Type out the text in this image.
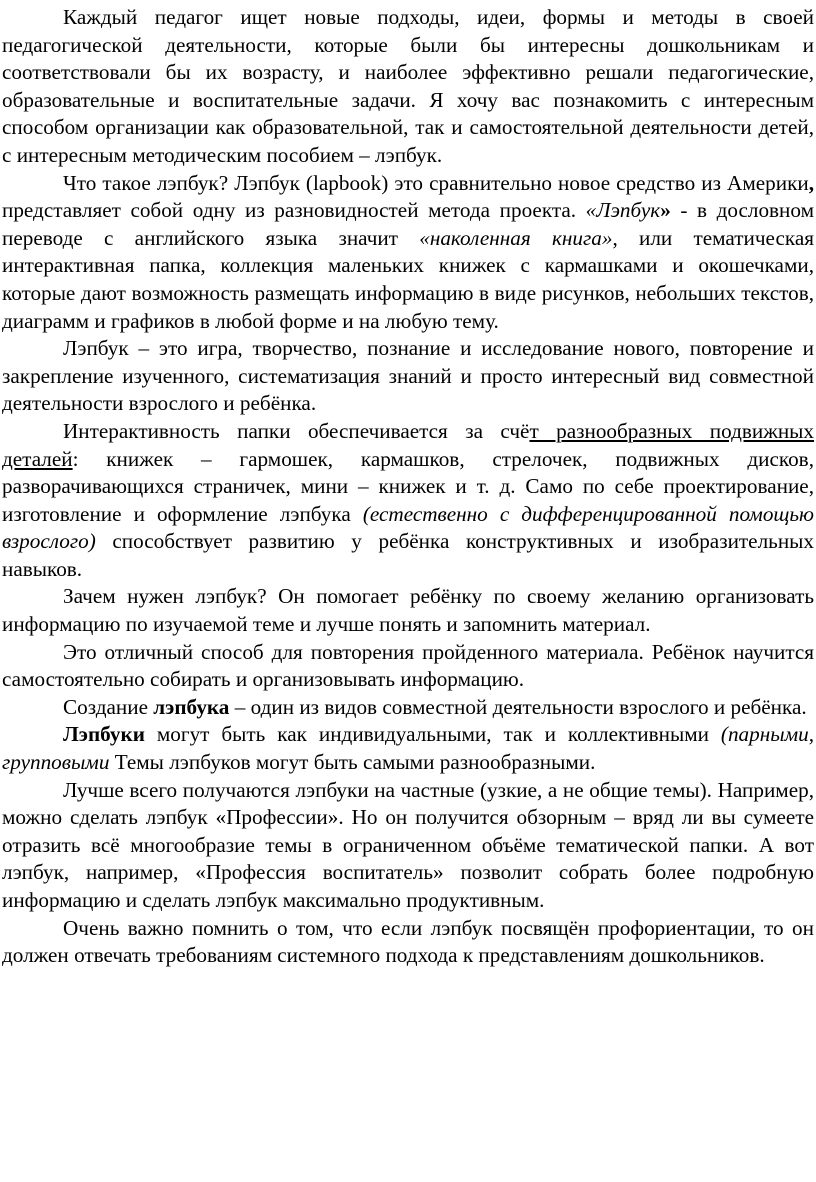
Каждый педагог ищет новые подходы, идеи, формы и методы в своей педагогической деятельности, которые были бы интересны дошкольникам и соответствовали бы их возрасту, и наиболее эффективно решали педагогические, образовательные и воспитательные задачи. Я хочу вас познакомить с интересным способом организации как образовательной, так и самостоятельной деятельности детей, с интересным методическим пособием – лэпбук.

Что такое лэпбук? Лэпбук (lapbook) это сравнительно новое средство из Америки, представляет собой одну из разновидностей метода проекта. «Лэпбук» - в дословном переводе с английского языка значит «наколенная книга», или тематическая интерактивная папка, коллекция маленьких книжек с кармашками и окошечками, которые дают возможность размещать информацию в виде рисунков, небольших текстов, диаграмм и графиков в любой форме и на любую тему.

Лэпбук – это игра, творчество, познание и исследование нового, повторение и закрепление изученного, систематизация знаний и просто интересный вид совместной деятельности взрослого и ребёнка.

Интерактивность папки обеспечивается за счёт разнообразных подвижных деталей: книжек – гармошек, кармашков, стрелочек, подвижных дисков, разворачивающихся страничек, мини – книжек и т. д. Само по себе проектирование, изготовление и оформление лэпбука (естественно с дифференцированной помощью взрослого) способствует развитию у ребёнка конструктивных и изобразительных навыков.

Зачем нужен лэпбук? Он помогает ребёнку по своему желанию организовать информацию по изучаемой теме и лучше понять и запомнить материал.

Это отличный способ для повторения пройденного материала. Ребёнок научится самостоятельно собирать и организовывать информацию.

Создание лэпбука – один из видов совместной деятельности взрослого и ребёнка.

Лэпбуки могут быть как индивидуальными, так и коллективными (парными, групповыми Темы лэпбуков могут быть самыми разнообразными.

Лучше всего получаются лэпбуки на частные (узкие, а не общие темы). Например, можно сделать лэпбук «Профессии». Но он получится обзорным – вряд ли вы сумеете отразить всё многообразие темы в ограниченном объёме тематической папки. А вот лэпбук, например, «Профессия воспитатель» позволит собрать более подробную информацию и сделать лэпбук максимально продуктивным.

Очень важно помнить о том, что если лэпбук посвящён профориентации, то он должен отвечать требованиям системного подхода к представлениям дошкольников.
